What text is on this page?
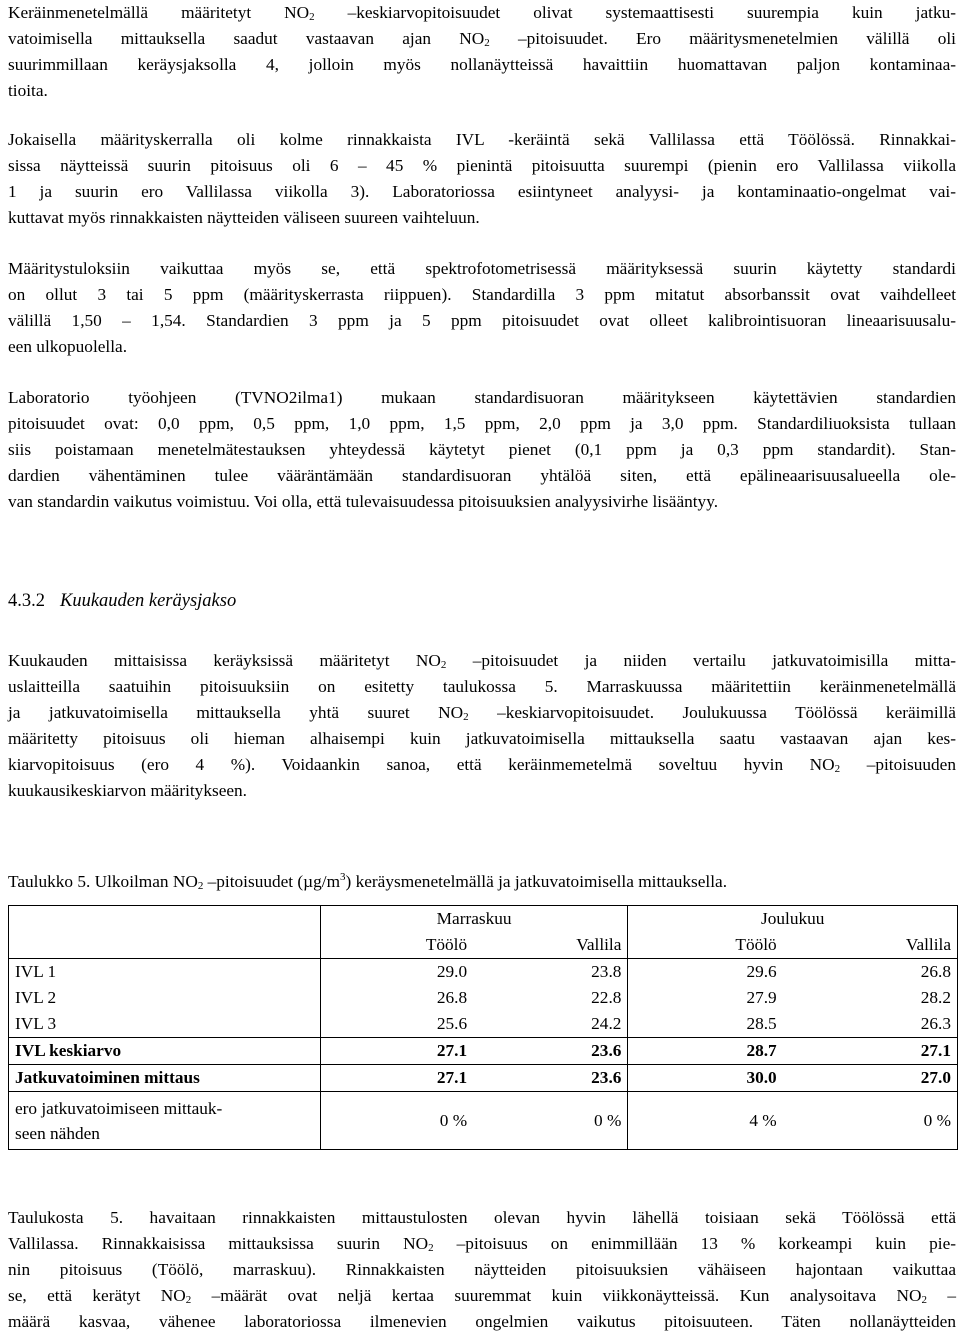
Keräinmenetelmällä määritetyt $NO_2$ –keskiarvopitoisuudet olivat systemaattisesti suurempia kuin jatku-
vatoimisella mittauksella saadut vastaavan ajan $NO_2$ –pitoisuudet. Ero määritysmenetelmien välillä oli
suurimmillaan keräysjaksolla 4, jolloin myös nollanäytteissä havaittiin huomattavan paljon kontaminaa-
tioita.
Jokaisella määrityskerralla oli kolme rinnakkaista IVL -keräintä sekä Vallilassa että Töölössä. Rinnakkai-
sissa näytteissä suurin pitoisuus oli 6 – 45 % pienintä pitoisuutta suurempi (pienin ero Vallilassa viikolla
1 ja suurin ero Vallilassa viikolla 3). Laboratoriossa esiintyneet analyysi- ja kontaminaatio-ongelmat vai-
kuttavat myös rinnakkaisten näytteiden väliseen suureen vaihteluun.
Määritystuloksiin vaikuttaa myös se, että spektrofotometrisessä määrityksessä suurin käytetty standardi
on ollut 3 tai 5 ppm (määrityskerrasta riippuen). Standardilla 3 ppm mitatut absorbanssit ovat vaihdelleet
välillä 1,50 – 1,54. Standardien 3 ppm ja 5 ppm pitoisuudet ovat olleet kalibrointisuoran lineaarisuusalu-
een ulkopuolella.
Laboratorio työohjeen (TVNO2ilma1) mukaan standardisuoran määritykseen käytettävien standardien
pitoisuudet ovat: 0,0 ppm, 0,5 ppm, 1,0 ppm, 1,5 ppm, 2,0 ppm ja 3,0 ppm. Standardiliuoksista tullaan
siis poistamaan menetelmätestauksen yhteydessä käytetyt pienet (0,1 ppm ja 0,3 ppm standardit). Stan-
dardien vähentäminen tulee vääräntämään standardisuoran yhtälöä siten, että epälineaarisuusalueella ole-
van standardin vaikutus voimistuu. Voi olla, että tulevaisuudessa pitoisuuksien analyysivirhe lisääntyy.
4.3.2 Kuukauden keräysjakso
Kuukauden mittaisissa keräyksissä määritetyt $NO_2$ –pitoisuudet ja niiden vertailu jatkuvatoimisilla mitta-
uslaitteilla saatuihin pitoisuuksiin on esitetty taulukossa 5. Marraskuussa määritettiin keräinmenetelmällä
ja jatkuvatoimisella mittauksella yhtä suuret $NO_2$ –keskiarvopitoisuudet. Joulukuussa Töölössä keräimillä
määritetty pitoisuus oli hieman alhaisempi kuin jatkuvatoimisella mittauksella saatu vastaavan ajan kes-
kiarvopitoisuus (ero 4 %). Voidaankin sanoa, että keräinmemetelmä soveltuu hyvin $NO_2$ –pitoisuuden
kuukausikeskiarvon määritykseen.
Taulukko 5. Ulkoilman $NO_2$ –pitoisuudet $(\mu g/m^3)$ keräysmenetelmällä ja jatkuvatoimisella mittauksella.
	Marraskuu		Joulukuu	
	Töölö	Vallila	Töölö	Vallila
IVL 1	29.0	23.8	29.6	26.8
IVL 2	26.8	22.8	27.9	28.2
IVL 3	25.6	24.2	28.5	26.3
IVL keskiarvo	27.1	23.6	28.7	27.1
Jatkuvatoiminen mittaus	27.1	23.6	30.0	27.0

ero jatkuvatoimiseen mittauk-
seen nähden	0 %	0 %	4 %	0 %
Taulukosta 5. havaitaan rinnakkaisten mittaustulosten olevan hyvin lähellä toisiaan sekä Töölössä että
Vallilassa. Rinnakkaisissa mittauksissa suurin $NO_2$ –pitoisuus on enimmillään 13 % korkeampi kuin pie-
nin pitoisuus (Töölö, marraskuu). Rinnakkaisten näytteiden pitoisuuksien vähäiseen hajontaan vaikuttaa
se, että kerätyt $NO_2$ –määrät ovat neljä kertaa suuremmat kuin viikkonäytteissä. Kun analysoitava $NO_2$ –
määrä kasvaa, vähenee laboratoriossa ilmenevien ongelmien vaikutus pitoisuuteen. Täten nollanäytteiden
